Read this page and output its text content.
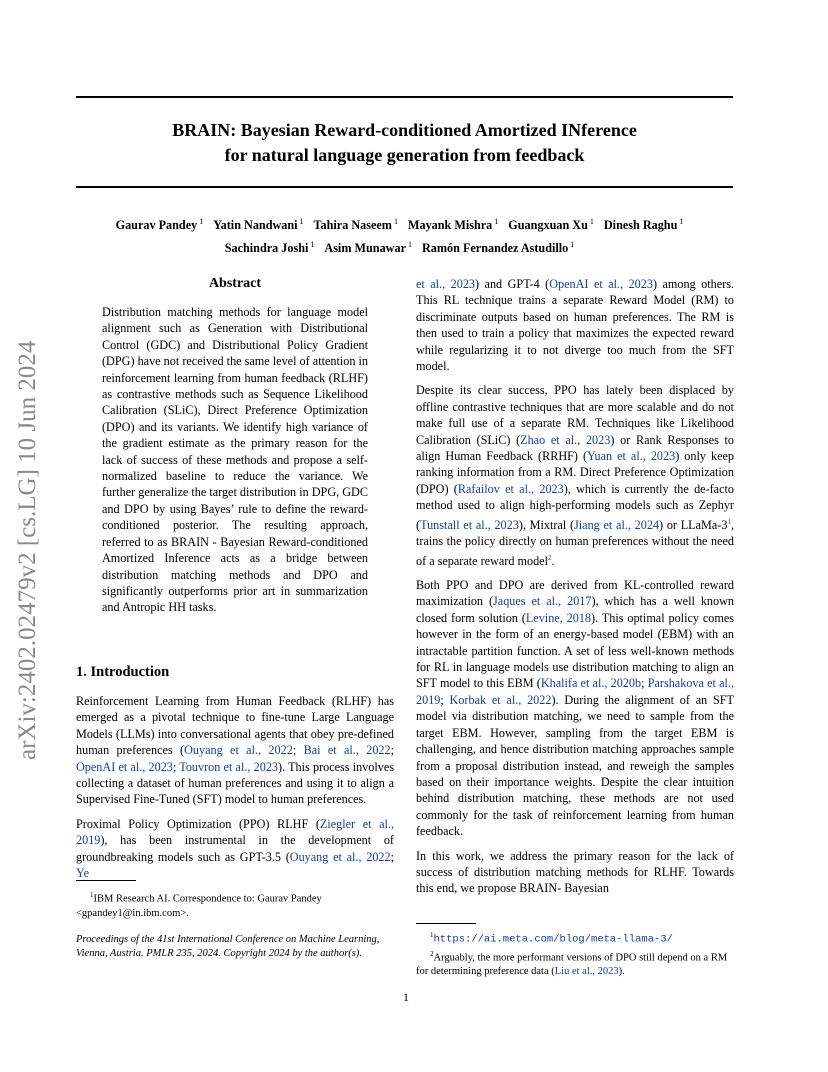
arXiv:2402.02479v2 [cs.LG] 10 Jun 2024
BRAIN: Bayesian Reward-conditioned Amortized INference
for natural language generation from feedback
Gaurav Pandey $^1$ Yatin Nandwani $^1$ Tahira Naseem $^1$ Mayank Mishra $^1$ Guangxuan Xu $^1$ Dinesh Raghu $^1$
Sachindra Joshi $^1$ Asim Munawar $^1$ Ramón Fernandez Astudillo $^1$
Abstract

Distribution matching methods for language model alignment such as Generation with Distributional Control (GDC) and Distributional Policy Gradient (DPG) have not received the same level of attention in reinforcement learning from human feedback (RLHF) as contrastive methods such as Sequence Likelihood Calibration (SLiC), Direct Preference Optimization (DPO) and its variants. We identify high variance of the gradient estimate as the primary reason for the lack of success of these methods and propose a self-normalized baseline to reduce the variance. We further generalize the target distribution in DPG, GDC and DPO by using Bayes’ rule to define the reward-conditioned posterior. The resulting approach, referred to as BRAIN - Bayesian Reward-conditioned Amortized Inference acts as a bridge between distribution matching methods and DPO and significantly outperforms prior art in summarization and Antropic HH tasks.

1. Introduction

Reinforcement Learning from Human Feedback (RLHF) has emerged as a pivotal technique to fine-tune Large Language Models (LLMs) into conversational agents that obey pre-defined human preferences (Ouyang et al., 2022; Bai et al., 2022; OpenAI et al., 2023; Touvron et al., 2023). This process involves collecting a dataset of human preferences and using it to align a Supervised Fine-Tuned (SFT) model to human preferences.

Proximal Policy Optimization (PPO) RLHF (Ziegler et al., 2019), has been instrumental in the development of groundbreaking models such as GPT-3.5 (Ouyang et al., 2022; Ye

$^1$IBM Research AI. Correspondence to: Gaurav Pandey <gpandey1@in.ibm.com>.

Proceedings of the 41st International Conference on Machine Learning, Vienna, Austria. PMLR 235, 2024. Copyright 2024 by the author(s).

et al., 2023) and GPT-4 (OpenAI et al., 2023) among others. This RL technique trains a separate Reward Model (RM) to discriminate outputs based on human preferences. The RM is then used to train a policy that maximizes the expected reward while regularizing it to not diverge too much from the SFT model.

Despite its clear success, PPO has lately been displaced by offline contrastive techniques that are more scalable and do not make full use of a separate RM. Techniques like Likelihood Calibration (SLiC) (Zhao et al., 2023) or Rank Responses to align Human Feedback (RRHF) (Yuan et al., 2023) only keep ranking information from a RM. Direct Preference Optimization (DPO) (Rafailov et al., 2023), which is currently the de-facto method used to align high-performing models such as Zephyr (Tunstall et al., 2023), Mixtral (Jiang et al., 2024) or LLaMa-3$^1$, trains the policy directly on human preferences without the need of a separate reward model$^2$.

Both PPO and DPO are derived from KL-controlled reward maximization (Jaques et al., 2017), which has a well known closed form solution (Levine, 2018). This optimal policy comes however in the form of an energy-based model (EBM) with an intractable partition function. A set of less well-known methods for RL in language models use distribution matching to align an SFT model to this EBM (Khalifa et al., 2020b; Parshakova et al., 2019; Korbak et al., 2022). During the alignment of an SFT model via distribution matching, we need to sample from the target EBM. However, sampling from the target EBM is challenging, and hence distribution matching approaches sample from a proposal distribution instead, and reweigh the samples based on their importance weights. Despite the clear intuition behind distribution matching, these methods are not used commonly for the task of reinforcement learning from human feedback.

In this work, we address the primary reason for the lack of success of distribution matching methods for RLHF. Towards this end, we propose BRAIN- Bayesian

$^1$https://ai.meta.com/blog/meta-llama-3/

$^2$Arguably, the more performant versions of DPO still depend on a RM for determining preference data (Liu et al., 2023).

1
